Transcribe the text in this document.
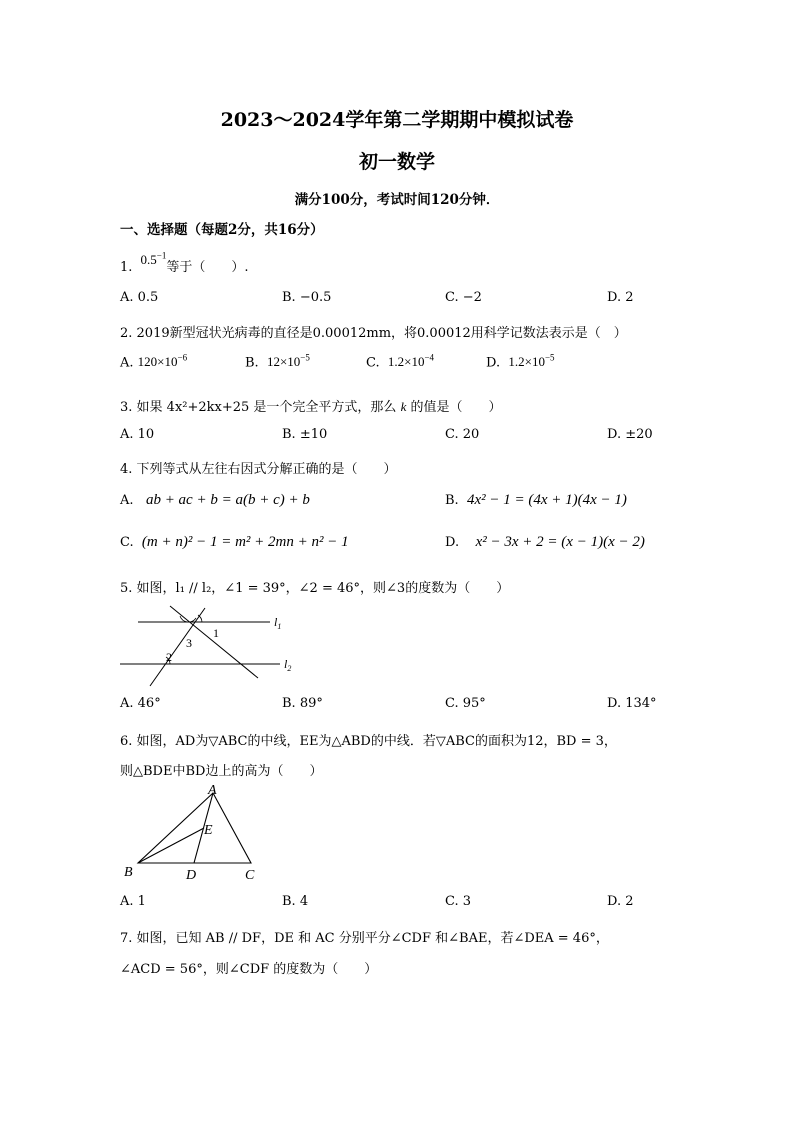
2023～2024学年第二学期期中模拟试卷
初一数学
满分100分，考试时间120分钟．
一、选择题（每题2分，共16分）
1. $0.5^{-1}$等于（　　）.
A. 0.5	B. −0.5	C. −2	D. 2
2. 2019新型冠状光病毒的直径是0.00012mm，将0.00012用科学记数法表示是（　）
A. $120\times 10^{-6}$	B. $12\times 10^{-5}$	C. $1.2\times 10^{-4}$	D. $1.2\times 10^{-5}$
3. 如果 4x²+2kx+25 是一个完全平方式，那么 k 的值是（　　）
A. 10	B. ±10	C. 20	D. ±20
4. 下列等式从左往右因式分解正确的是（　　）
A. ab + ac + b = a(b + c) + b	B. 4x² − 1 = (4x + 1)(4x − 1)
C. (m + n)² − 1 = m² + 2mn + n² − 1	D. x² − 3x + 2 = (x − 1)(x − 2)
5. 如图，l₁ // l₂，∠1 = 39°，∠2 = 46°，则∠3的度数为（　　）
$l_1$
$l_2$
1
3
2
A. 46°	B. 89°	C. 95°	D. 134°
6. 如图，AD为▽ABC的中线，EE为△ABD的中线．若▽ABC的面积为12，BD = 3，
则△BDE中BD边上的高为（　　）
A
B	C
D
E
A. 1	B. 4	C. 3	D. 2
7. 如图，已知 AB // DF，DE 和 AC 分别平分∠CDF 和∠BAE，若∠DEA = 46°，
∠ACD = 56°，则∠CDF 的度数为（　　）
